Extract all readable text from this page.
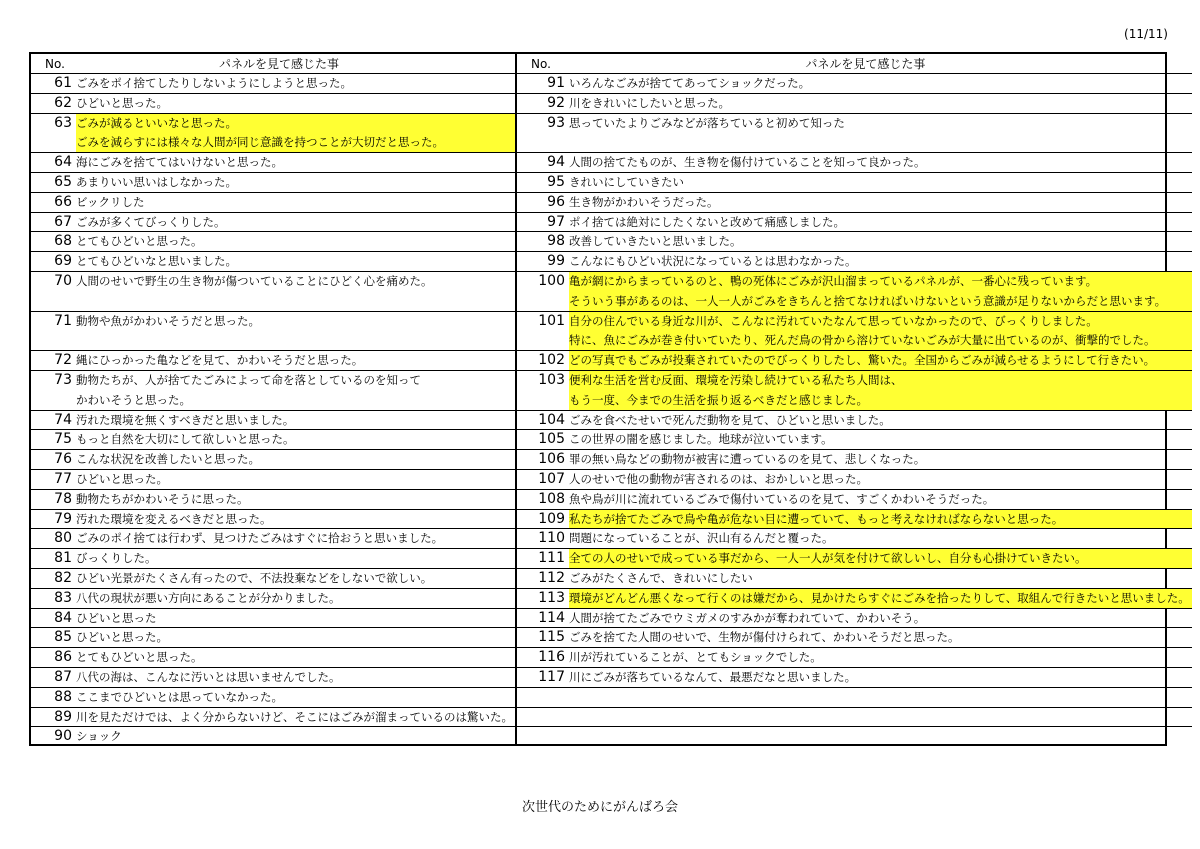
(11/11)
No.	パネルを見て感じた事
61 ごみをポイ捨てしたりしないようにしようと思った。
62 ひどいと思った。
63 ごみが減るといいなと思った。
ごみを減らすには様々な人間が同じ意識を持つことが大切だと思った。
64 海にごみを捨ててはいけないと思った。
65 あまりいい思いはしなかった。
66 ビックリした
67 ごみが多くてびっくりした。
68 とてもひどいと思った。
69 とてもひどいなと思いました。
70 人間のせいで野生の生き物が傷ついていることにひどく心を痛めた。
71 動物や魚がかわいそうだと思った。
72 縄にひっかった亀などを見て、かわいそうだと思った。
73 動物たちが、人が捨てたごみによって命を落としているのを知って
かわいそうと思った。
74 汚れた環境を無くすべきだと思いました。
75 もっと自然を大切にして欲しいと思った。
76 こんな状況を改善したいと思った。
77 ひどいと思った。
78 動物たちがかわいそうに思った。
79 汚れた環境を変えるべきだと思った。
80 ごみのポイ捨ては行わず、見つけたごみはすぐに拾おうと思いました。
81 びっくりした。
82 ひどい光景がたくさん有ったので、不法投棄などをしないで欲しい。
83 八代の現状が悪い方向にあることが分かりました。
84 ひどいと思った
85 ひどいと思った。
86 とてもひどいと思った。
87 八代の海は、こんなに汚いとは思いませんでした。
88 ここまでひどいとは思っていなかった。
89 川を見ただけでは、よく分からないけど、そこにはごみが溜まっているのは驚いた。
90 ショック
No.	パネルを見て感じた事
91 いろんなごみが捨ててあってショックだった。
92 川をきれいにしたいと思った。
93 思っていたよりごみなどが落ちていると初めて知った
94 人間の捨てたものが、生き物を傷付けていることを知って良かった。
95 きれいにしていきたい
96 生き物がかわいそうだった。
97 ポイ捨ては絶対にしたくないと改めて痛感しました。
98 改善していきたいと思いました。
99 こんなにもひどい状況になっているとは思わなかった。
100 亀が網にからまっているのと、鴨の死体にごみが沢山溜まっているパネルが、一番心に残っています。
そういう事があるのは、一人一人がごみをきちんと捨てなければいけないという意識が足りないからだと思います。
101 自分の住んでいる身近な川が、こんなに汚れていたなんて思っていなかったので、びっくりしました。
特に、魚にごみが巻き付いていたり、死んだ鳥の骨から溶けていないごみが大量に出ているのが、衝撃的でした。
102 どの写真でもごみが投棄されていたのでびっくりしたし、驚いた。全国からごみが減らせるようにして行きたい。
103 便利な生活を営む反面、環境を汚染し続けている私たち人間は、
もう一度、今までの生活を振り返るべきだと感じました。
104 ごみを食べたせいで死んだ動物を見て、ひどいと思いました。
105 この世界の闇を感じました。地球が泣いています。
106 罪の無い鳥などの動物が被害に遭っているのを見て、悲しくなった。
107 人のせいで他の動物が害されるのは、おかしいと思った。
108 魚や鳥が川に流れているごみで傷付いているのを見て、すごくかわいそうだった。
109 私たちが捨てたごみで鳥や亀が危ない目に遭っていて、もっと考えなければならないと思った。
110 問題になっていることが、沢山有るんだと覆った。
111 全ての人のせいで成っている事だから、一人一人が気を付けて欲しいし、自分も心掛けていきたい。
112 ごみがたくさんで、きれいにしたい
113 環境がどんどん悪くなって行くのは嫌だから、見かけたらすぐにごみを拾ったりして、取組んで行きたいと思いました。
114 人間が捨てたごみでウミガメのすみかが奪われていて、かわいそう。
115 ごみを捨てた人間のせいで、生物が傷付けられて、かわいそうだと思った。
116 川が汚れていることが、とてもショックでした。
117 川にごみが落ちているなんて、最悪だなと思いました。
次世代のためにがんばろ会
